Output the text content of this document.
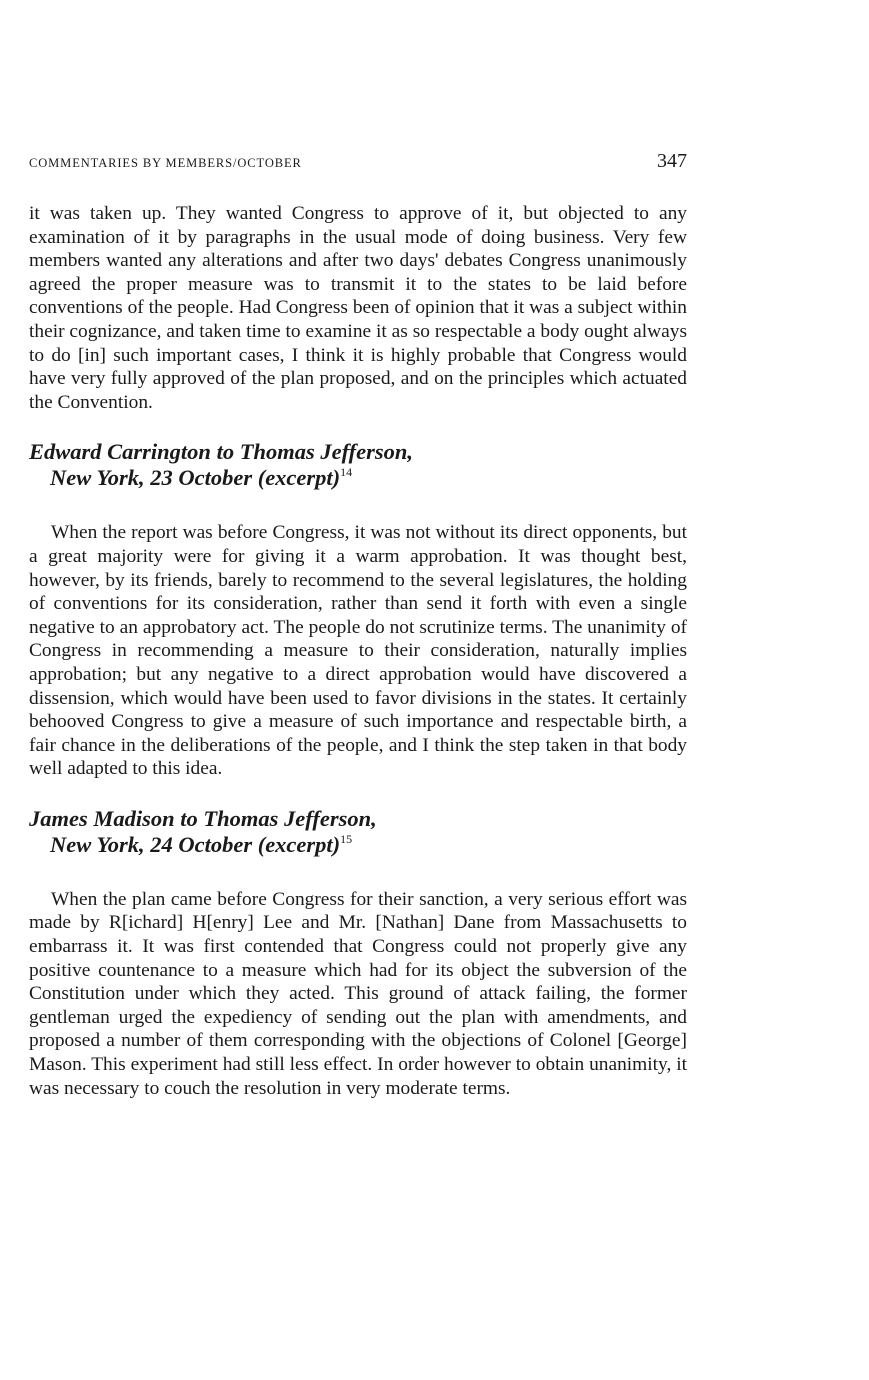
COMMENTARIES BY MEMBERS/OCTOBER	347

it was taken up. They wanted Congress to approve of it, but objected to any examination of it by paragraphs in the usual mode of doing business. Very few members wanted any alterations and after two days' debates Congress unanimously agreed the proper measure was to transmit it to the states to be laid before conventions of the people. Had Congress been of opinion that it was a subject within their cognizance, and taken time to examine it as so respectable a body ought always to do [in] such important cases, I think it is highly probable that Congress would have very fully approved of the plan proposed, and on the principles which actuated the Convention.

Edward Carrington to Thomas Jefferson,
New York, 23 October (excerpt)$^{14}$

When the report was before Congress, it was not without its direct opponents, but a great majority were for giving it a warm approbation. It was thought best, however, by its friends, barely to recommend to the several legislatures, the holding of conventions for its consideration, rather than send it forth with even a single negative to an approbatory act. The people do not scrutinize terms. The unanimity of Congress in recommending a measure to their consideration, naturally implies approbation; but any negative to a direct approbation would have discovered a dissension, which would have been used to favor divisions in the states. It certainly behooved Congress to give a measure of such importance and respectable birth, a fair chance in the deliberations of the people, and I think the step taken in that body well adapted to this idea.

James Madison to Thomas Jefferson,
New York, 24 October (excerpt)$^{15}$

When the plan came before Congress for their sanction, a very serious effort was made by R[ichard] H[enry] Lee and Mr. [Nathan] Dane from Massachusetts to embarrass it. It was first contended that Congress could not properly give any positive countenance to a measure which had for its object the subversion of the Constitution under which they acted. This ground of attack failing, the former gentleman urged the expediency of sending out the plan with amendments, and proposed a number of them corresponding with the objections of Colonel [George] Mason. This experiment had still less effect. In order however to obtain unanimity, it was necessary to couch the resolution in very moderate terms.
